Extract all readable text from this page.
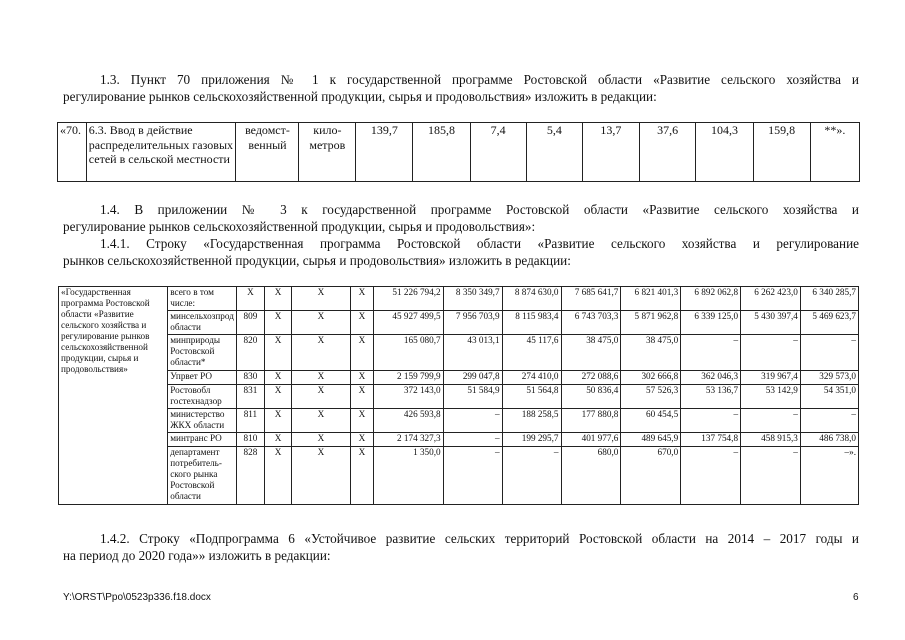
1.3. Пункт 70 приложения № 1 к государственной программе Ростовской области «Развитие сельского хозяйства и
регулирование рынков сельскохозяйственной продукции, сырья и продовольствия» изложить в редакции:
«70.	6.3. Ввод в действие распределительных газовых сетей в сельской местности	ведомст-венный	кило-метров	139,7	185,8	7,4	5,4	13,7	37,6	104,3	159,8	**».
1.4. В приложении № 3 к государственной программе Ростовской области «Развитие сельского хозяйства и
регулирование рынков сельскохозяйственной продукции, сырья и продовольствия»:
1.4.1. Строку «Государственная программа Ростовской области «Развитие сельского хозяйства и регулирование
рынков сельскохозяйственной продукции, сырья и продовольствия» изложить в редакции:
«Государственная программа Ростовской области «Развитие сельского хозяйства и регулирование рынков сельскохозяйственной продукции, сырья и продовольствия»	всего в том числе:	X	X	X	X	51 226 794,2	8 350 349,7	8 874 630,0	7 685 641,7	6 821 401,3	6 892 062,8	6 262 423,0	6 340 285,7
	минсельхозпрод области	809	X	X	X	45 927 499,5	7 956 703,9	8 115 983,4	6 743 703,3	5 871 962,8	6 339 125,0	5 430 397,4	5 469 623,7
	минприроды Ростовской области*	820	X	X	X	165 080,7	43 013,1	45 117,6	38 475,0	38 475,0	–	–	–
	Упрвет РО	830	X	X	X	2 159 799,9	299 047,8	274 410,0	272 088,6	302 666,8	362 046,3	319 967,4	329 573,0
	Ростовобл гостехнадзор	831	X	X	X	372 143,0	51 584,9	51 564,8	50 836,4	57 526,3	53 136,7	53 142,9	54 351,0
	министерство ЖКХ области	811	X	X	X	426 593,8	–	188 258,5	177 880,8	60 454,5	–	–	–
	минтранс РО	810	X	X	X	2 174 327,3	–	199 295,7	401 977,6	489 645,9	137 754,8	458 915,3	486 738,0
	департамент потребитель-ского рынка Ростовской области	828	X	X	X	1 350,0	–	–	680,0	670,0	–	–	–».
1.4.2. Строку «Подпрограмма 6 «Устойчивое развитие сельских территорий Ростовской области на 2014 – 2017 годы и
на период до 2020 года»» изложить в редакции:
Y:\ORST\Ppo\0523p336.f18.docx	6
